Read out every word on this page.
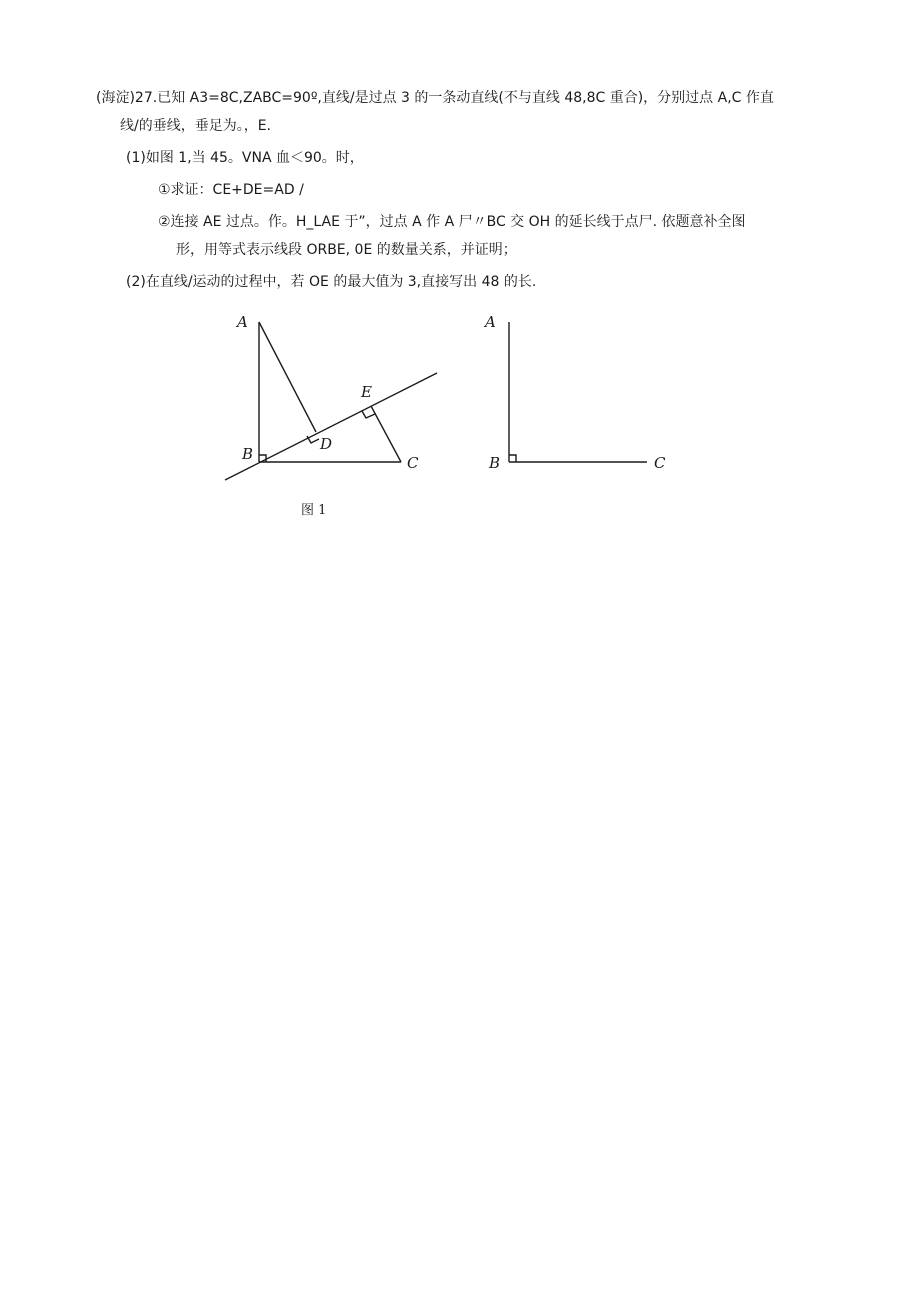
(海淀)27.已知 A3=8C,ZABC=90º,直线/是过点 3 的一条动直线(不与直线 48,8C 重合)，分别过点 A,C 作直
线/的垂线，垂足为。，E.
(1)如图 1,当 45。VNA 血＜90。时，
①求证：CE+DE=AD /
②连接 AE 过点。作。H_LAE 于”，过点 A 作 A 尸〃BC 交 OH 的延长线于点尸. 依题意补全图
形，用等式表示线段 ORBE, 0E 的数量关系，并证明；
(2)在直线/运动的过程中，若 OE 的最大值为 3,直接写出 48 的长.
A
B	C
D
E
图 1
A
B	C
